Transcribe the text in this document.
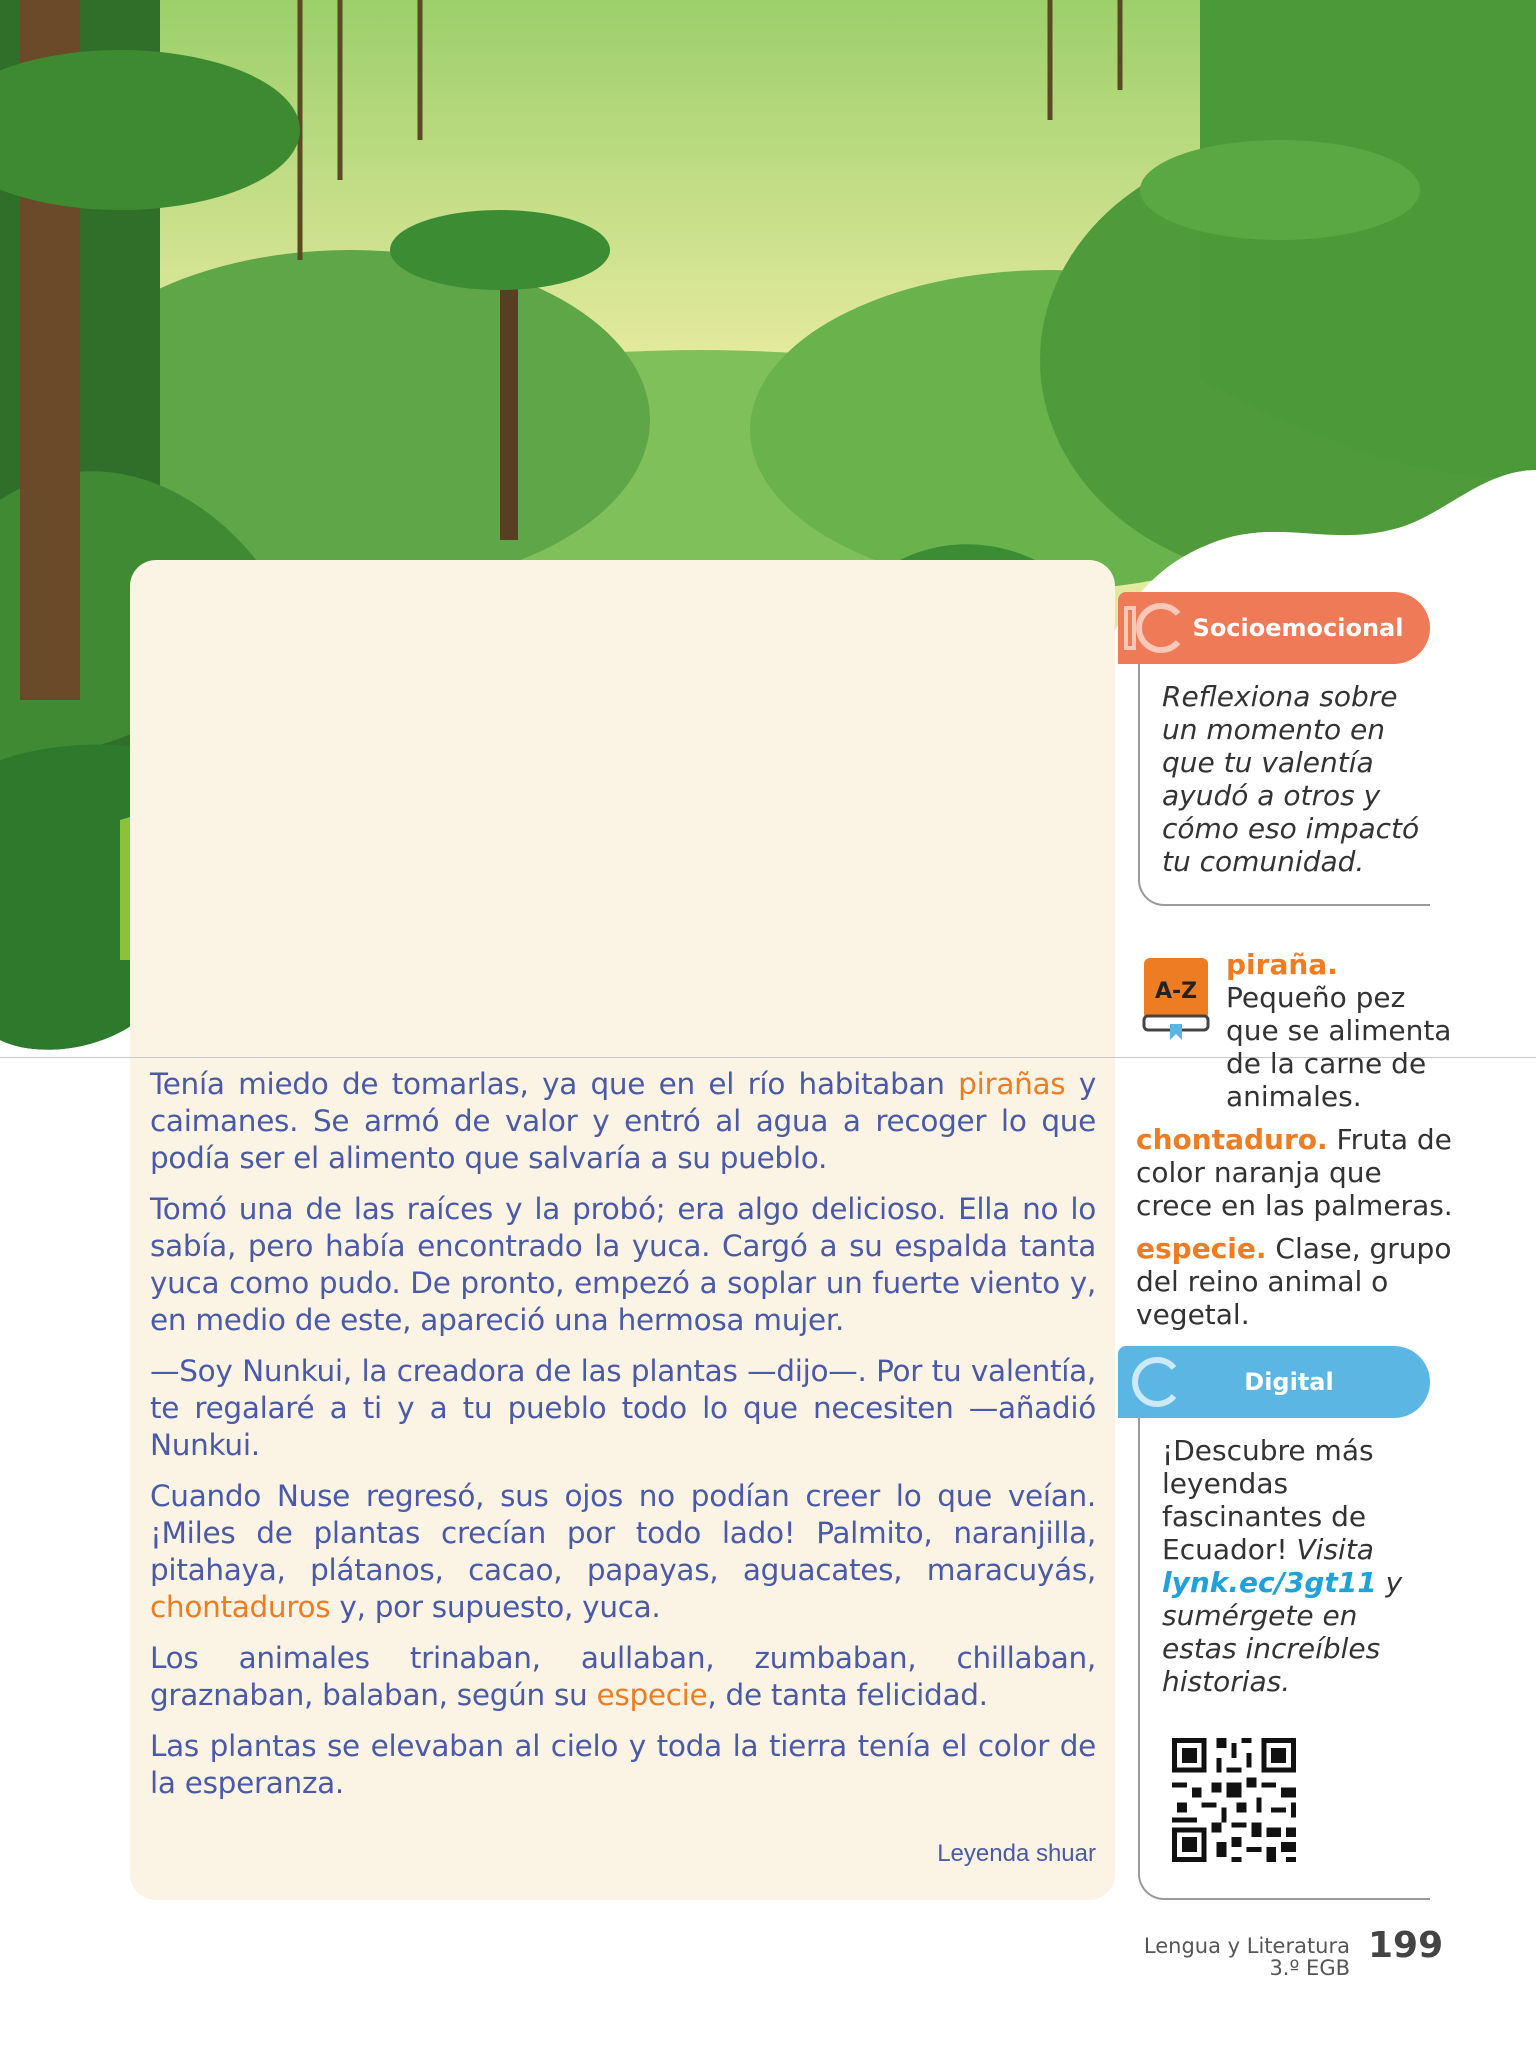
Tenía miedo de tomarlas, ya que en el río habitaban pirañas y caimanes. Se armó de valor y entró al agua a recoger lo que podía ser el alimento que salvaría a su pueblo.

Tomó una de las raíces y la probó; era algo delicioso. Ella no lo sabía, pero había encontrado la yuca. Cargó a su espalda tanta yuca como pudo. De pronto, empezó a soplar un fuerte viento y, en medio de este, apareció una hermosa mujer.

—Soy Nunkui, la creadora de las plantas —dijo—. Por tu valentía, te regalaré a ti y a tu pueblo todo lo que necesiten —añadió Nunkui.

Cuando Nuse regresó, sus ojos no podían creer lo que veían. ¡Miles de plantas crecían por todo lado! Palmito, naranjilla, pitahaya, plátanos, cacao, papayas, aguacates, maracuyás, chontaduros y, por supuesto, yuca.

Los animales trinaban, aullaban, zumbaban, chillaban, graznaban, balaban, según su especie, de tanta felicidad.

Las plantas se elevaban al cielo y toda la tierra tenía el color de la esperanza.

Leyenda shuar
Socioemocional
Reflexiona sobre un momento en que tu valentía ayudó a otros y cómo eso impactó tu comunidad.
A-Z
piraña. Pequeño pez que se alimenta de la carne de animales.
chontaduro. Fruta de color naranja que crece en las palmeras.
especie. Clase, grupo del reino animal o vegetal.
Digital
¡Descubre más leyendas fascinantes de Ecuador! Visita lynk.ec/3gt11 y sumérgete en estas increíbles historias.
Lengua y Literatura
3.º EGB
199
